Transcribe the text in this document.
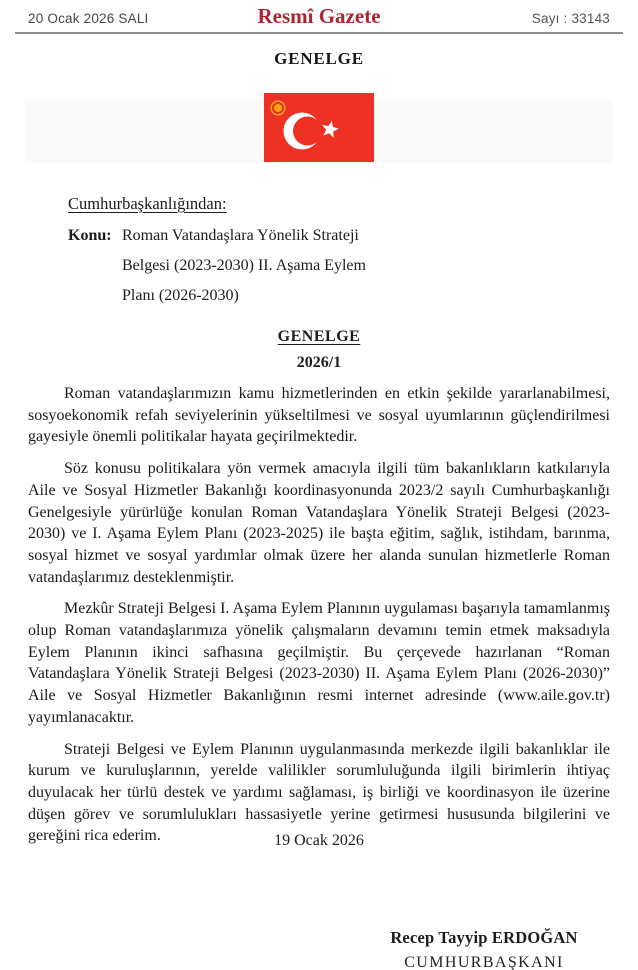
20 Ocak 2026 SALI	Resmî Gazete	Sayı : 33143
GENELGE
Cumhurbaşkanlığından:
Konu: Roman Vatandaşlara Yönelik Strateji
Belgesi (2023-2030) II. Aşama Eylem
Planı (2026-2030)
GENELGE
2026/1

Roman vatandaşlarımızın kamu hizmetlerinden en etkin şekilde yararlanabilmesi, sosyoekonomik refah seviyelerinin yükseltilmesi ve sosyal uyumlarının güçlendirilmesi gayesiyle önemli politikalar hayata geçirilmektedir.

Söz konusu politikalara yön vermek amacıyla ilgili tüm bakanlıkların katkılarıyla Aile ve Sosyal Hizmetler Bakanlığı koordinasyonunda 2023/2 sayılı Cumhurbaşkanlığı Genelgesiyle yürürlüğe konulan Roman Vatandaşlara Yönelik Strateji Belgesi (2023-2030) ve I. Aşama Eylem Planı (2023-2025) ile başta eğitim, sağlık, istihdam, barınma, sosyal hizmet ve sosyal yardımlar olmak üzere her alanda sunulan hizmetlerle Roman vatandaşlarımız desteklenmiştir.

Mezkûr Strateji Belgesi I. Aşama Eylem Planının uygulaması başarıyla tamamlanmış olup Roman vatandaşlarımıza yönelik çalışmaların devamını temin etmek maksadıyla Eylem Planının ikinci safhasına geçilmiştir. Bu çerçevede hazırlanan “Roman Vatandaşlara Yönelik Strateji Belgesi (2023-2030) II. Aşama Eylem Planı (2026-2030)” Aile ve Sosyal Hizmetler Bakanlığının resmi internet adresinde (www.aile.gov.tr) yayımlanacaktır.

Strateji Belgesi ve Eylem Planının uygulanmasında merkezde ilgili bakanlıklar ile kurum ve kuruluşlarının, yerelde valilikler sorumluluğunda ilgili birimlerin ihtiyaç duyulacak her türlü destek ve yardımı sağlaması, iş birliği ve koordinasyon ile üzerine düşen görev ve sorumlulukları hassasiyetle yerine getirmesi hususunda bilgilerini ve gereğini rica ederim.	19 Ocak 2026
Recep Tayyip ERDOĞAN
CUMHURBAŞKANI
